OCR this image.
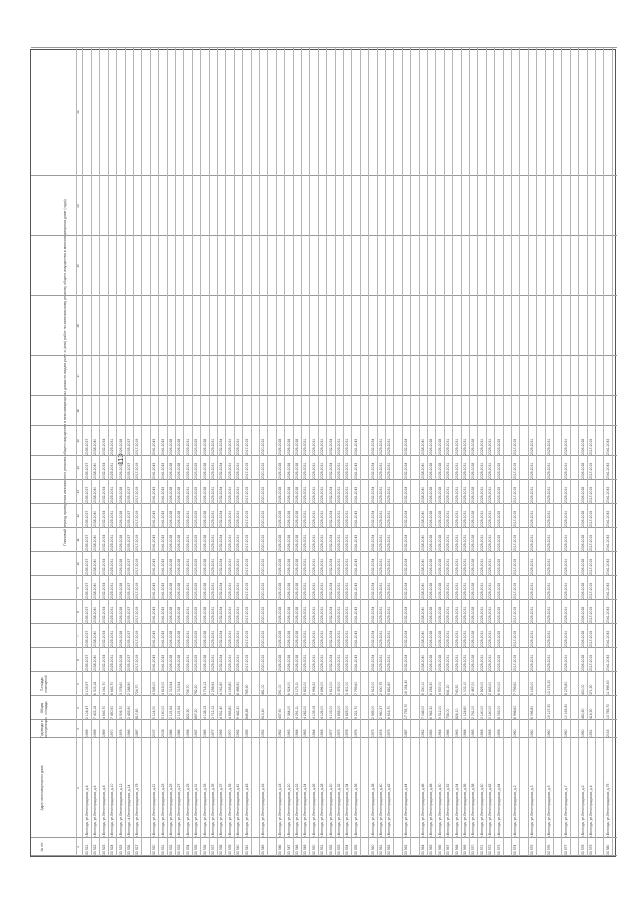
113
Плановый период проведения капитального ремонта общего имущества в многоквартирных домах по видам услуг и (или) работ по капитальному ремонту общего имущества в многоквартирном доме (годы)
№ п/п
Адрес многоквартирного дома
Год ввода в эксплуатацию
Общая площадь
Площадь помещений
1
2
3
4
5
6
7
8
9
10
11
12
13
14
15
16
17
18
19
20
21
33 521
г.Вологда, ул.Ленинградская, д.4
1969
2 104,47
3 105,97
2035-2037
2035-2037
2035-2037
2035-2037
2035-2037
2035-2037
2035-2037
2035-2037
2035-2037
2035-2037
33 522
г.Вологда, ул.Ленинградская, д.6
1969
7 402,18
6 303,18
2038-2040
2038-2040
2038-2040
2038-2040
2038-2040
2038-2040
2038-2040
2038-2040
2038-2040
2038-2040
33 523
г.Вологда, ул.Ленинградская, д.8
1969
4 643,70
4 041,70
2032-2034
2032-2034
2032-2034
2032-2034
2032-2034
2032-2034
2032-2034
2032-2034
2032-2034
2032-2034
33 524
г.Вологда, ул.Ленинградская, д.10
1970
7 450,50
6 643,70
2029-2031
2029-2031
2029-2031
2029-2031
2029-2031
2029-2031
2029-2031
2029-2031
2029-2031
2029-2031
33 525
г.Вологда, ул.Ленинградская, д.12
1976
3 506,70
3 078,60
2026-2028
2026-2028
2026-2028
2026-2028
2026-2028
2026-2028
2026-2028
2026-2028
2026-2028
2026-2028
33 526
г.Вологда, ul.Ленинградская, д.14
1966
2 435,90
2 088,90
2035-2037
2035-2037
2035-2037
2035-2037
2035-2037
2035-2037
2035-2037
2035-2037
2035-2037
2035-2037
33 527
г.Вологда, ул.Ленинградская, д.79
1987
817,80
724,70
2017-2019
2017-2019
2017-2019
2017-2019
2017-2019
2017-2019
2017-2019
2017-2019
2017-2019
2017-2019
33 530
г.Вологда, ул.Ленинградская, д.21
2007
5 114,00
4 545,00
2041-2043
2041-2043
2041-2043
2041-2043
2041-2043
2041-2043
2041-2043
2041-2043
2041-2043
2041-2043
33 531
г.Вологда, ул.Ленинградская, д.23
2008
5 160,00
4 619,00
2041-2043
2041-2043
2041-2043
2041-2043
2041-2043
2041-2043
2041-2043
2041-2043
2041-2043
2041-2043
33 532
г.Вологда, ул.Ленинградская, д.25
1986
2 115,54
2 015,54
2026-2028
2026-2028
2026-2028
2026-2028
2026-2028
2026-2028
2026-2028
2026-2028
2026-2028
2026-2028
33 533
г.Вологда, ул.Ленинградская, д.27
1986
2 115,54
2 015,54
2026-2028
2026-2028
2026-2028
2026-2028
2026-2028
2026-2028
2026-2028
2026-2028
2026-2028
2026-2028
33 534
г.Вологда, ул.Ленинградская, д.29
1994
822,90
736,70
2029-2031
2029-2031
2029-2031
2029-2031
2029-2031
2029-2031
2029-2031
2029-2031
2029-2031
2029-2031
33 535
г.Вологда, ул.Ленинградская, д.31
1947
867,20
782,20
2023-2025
2023-2025
2023-2025
2023-2025
2023-2025
2023-2025
2023-2025
2023-2025
2023-2025
2023-2025
33 536
г.Вологда, ул.Ленинградская, д.33
1985
4 138,15
3 718,12
2026-2028
2026-2028
2026-2028
2026-2028
2026-2028
2026-2028
2026-2028
2026-2028
2026-2028
2026-2028
33 537
г.Вологда, ул.Ленинградская, д.35
1977
3 712,12
2 258,92
2029-2031
2029-2031
2029-2031
2029-2031
2029-2031
2029-2031
2029-2031
2029-2031
2029-2031
2029-2031
33 538
г.Вологда, ул.Ленинградская, д.37
1969
4 531,40
4 061,80
2032-2034
2032-2034
2032-2034
2032-2034
2032-2034
2032-2034
2032-2034
2032-2034
2032-2034
2032-2034
33 539
г.Вологда, ул.Ленинградская, д.39
1970
4 665,80
4 165,80
2029-2031
2029-2031
2029-2031
2029-2031
2029-2031
2029-2031
2029-2031
2029-2031
2029-2031
2029-2031
33 540
г.Вологда, ул.Ленинградская, д.41
1992
9 442,30
8 498,50
2029-2031
2029-2031
2029-2031
2029-2031
2029-2031
2029-2031
2029-2031
2029-2031
2029-2031
2029-2031
33 541
г.Вологда, ул.Ленинградская, д.43
1955
845,85
785,90
2017-2019
2017-2019
2017-2019
2017-2019
2017-2019
2017-2019
2017-2019
2017-2019
2017-2019
2017-2019
33 545
г.Вологда, ул.Ленинградская, д.16
1952
613,40
481,00
2020-2022
2020-2022
2020-2022
2020-2022
2020-2022
2020-2022
2020-2022
2020-2022
2020-2022
2020-2022
33 546
г.Вологда, ул.Ленинградская, д.18
1962
437,90
391,00
2026-2028
2026-2028
2026-2028
2026-2028
2026-2028
2026-2028
2026-2028
2026-2028
2026-2028
2026-2028
33 547
г.Вологда, ул.Ленинградская, д.20
1963
7 364,00
6 524,00
2026-2028
2026-2028
2026-2028
2026-2028
2026-2028
2026-2028
2026-2028
2026-2028
2026-2028
2026-2028
33 548
г.Вологда, ул.Ленинградская, д.22
1964
4 291,11
3 173,11
2026-2028
2026-2028
2026-2028
2026-2028
2026-2028
2026-2028
2026-2028
2026-2028
2026-2028
2026-2028
33 549
г.Вологда, ул.Ленинградская, д.24
1963
4 262,00
3 822,00
2029-2031
2029-2031
2029-2031
2029-2031
2029-2031
2029-2031
2029-2031
2029-2031
2029-2031
2029-2031
33 550
г.Вологда, ул.Ленинградская, д.26
1964
4 139,15
3 994,20
2029-2031
2029-2031
2029-2031
2029-2031
2029-2031
2029-2031
2029-2031
2029-2031
2029-2031
2029-2031
33 551
г.Вологда, ул.Ленинградская, д.28
1969
4 126,00
3 696,00
2029-2031
2029-2031
2029-2031
2029-2031
2029-2031
2029-2031
2029-2031
2029-2031
2029-2031
2029-2031
33 552
г.Вологда, ул.Ленинградская, д.30
1977
4 103,00
3 612,00
2032-2034
2032-2034
2032-2034
2032-2034
2032-2034
2032-2034
2032-2034
2032-2034
2032-2034
2032-2034
33 553
г.Вологда, ул.Ленинградская, д.32
1975
3 858,00
3 476,00
2029-2031
2029-2031
2029-2031
2029-2031
2029-2031
2029-2031
2029-2031
2029-2031
2029-2031
2029-2031
33 554
г.Вологда, ул.Ленинградская, д.34
1978
3 825,00
3 401,00
2029-2031
2029-2031
2029-2031
2029-2031
2029-2031
2029-2031
2029-2031
2029-2031
2029-2031
2029-2031
33 555
г.Вологда, ул.Ленинградская, д.36
1976
9 221,70
7 799,60
2041-2043
2041-2043
2041-2043
2041-2043
2041-2043
2041-2043
2041-2043
2041-2043
2041-2043
2041-2043
33 560
г.Вологда, ул.Ленинградская, д.38
1973
2 945,00
2 613,00
2032-2034
2032-2034
2032-2034
2032-2034
2032-2034
2032-2034
2032-2034
2032-2034
2032-2034
2032-2034
33 561
г.Вологда, ул.Ленинградская, д.40
1974
2 960,37
2 630,75
2029-2031
2029-2031
2029-2031
2029-2031
2029-2031
2029-2031
2029-2031
2029-2031
2029-2031
2029-2031
33 562
г.Вологда, ул.Ленинградская, д.42
1975
6 616,70
5 881,80
2029-2031
2029-2031
2029-2031
2029-2031
2029-2031
2029-2031
2029-2031
2029-2031
2029-2031
2029-2031
33 563
г.Вологда, ул.Ленинградская, д.44
1987
17 755,70
16 054,40
2032-2034
2032-2034
2032-2034
2032-2034
2032-2034
2032-2034
2032-2034
2032-2034
2032-2034
2032-2034
33 564
г.Вологда, ул.Ленинградская, д.46
1962
7 048,00
6 330,10
2038-2040
2038-2040
2038-2040
2038-2040
2038-2040
2038-2040
2038-2040
2038-2040
2038-2040
2038-2040
33 565
г.Вологда, ул.Ленинградская, д.48
1963
6 962,30
6 254,30
2026-2028
2026-2028
2026-2028
2026-2028
2026-2028
2026-2028
2026-2028
2026-2028
2026-2028
2026-2028
33 566
г.Вологда, ул.Ленинградская, д.50
1964
5 512,00
4 937,00
2026-2028
2026-2028
2026-2028
2026-2028
2026-2028
2026-2028
2026-2028
2026-2028
2026-2028
2026-2028
33 567
г.Вологда, ул.Ленинградская, д.52
1966
736,00
641,20
2029-2031
2029-2031
2029-2031
2029-2031
2029-2031
2029-2031
2029-2031
2029-2031
2029-2031
2029-2031
33 568
г.Вологда, ул.Ленинградская, д.54
1963
826,10
743,50
2029-2031
2029-2031
2029-2031
2029-2031
2029-2031
2029-2031
2029-2031
2029-2031
2029-2031
2029-2031
33 569
г.Вологда, ул.Ленинградская, д.56
1964
1 124,60
1 002,10
2029-2031
2029-2031
2029-2031
2029-2031
2029-2031
2029-2031
2029-2031
2029-2031
2029-2031
2029-2031
33 570
г.Вологда, ул.Ленинградская, д.58
1965
2 741,00
2 467,00
2026-2028
2026-2028
2026-2028
2026-2028
2026-2028
2026-2028
2026-2028
2026-2028
2026-2028
2026-2028
33 571
г.Вологда, ул.Ленинградская, д.60
1969
3 140,00
2 829,00
2029-2031
2029-2031
2029-2031
2029-2031
2029-2031
2029-2031
2029-2031
2029-2031
2029-2031
2029-2031
33 572
г.Вологда, ул.Ленинградская, д.62
1969
3 160,00
2 843,00
2029-2031
2029-2031
2029-2031
2029-2031
2029-2031
2029-2031
2029-2031
2029-2031
2029-2031
2029-2031
33 573
г.Вологда, ул.Ленинградская, д.64
1959
8 053,00
6 900,00
2023-2025
2023-2025
2023-2025
2023-2025
2023-2025
2023-2025
2023-2025
2023-2025
2023-2025
2023-2025
33 574
г.Вологда, ул.Ленинградская, д.2
1960
8 998,60
7 799,60
2017-2019
2017-2019
2017-2019
2017-2019
2017-2019
2017-2019
2017-2019
2017-2019
2017-2019
2017-2019
33 575
г.Вологда, ул.Ленинградская, д.3
1960
6 096,80
5 163,00
2029-2031
2029-2031
2029-2031
2029-2031
2029-2031
2029-2031
2029-2031
2029-2031
2029-2031
2029-2031
33 576
г.Вологда, ул.Ленинградская, д.5
1960
15 127,30
13 173,20
2029-2031
2029-2031
2029-2031
2029-2031
2029-2031
2029-2031
2029-2031
2029-2031
2029-2031
2029-2031
33 577
г.Вологда, ул.Ленинградская, д.7
1960
10 163,90
8 275,80
2029-2031
2029-2031
2029-2031
2029-2031
2029-2031
2029-2031
2029-2031
2029-2031
2029-2031
2029-2031
33 578
г.Вологда, ул.Ленинградская, д.2
1960
480,80
430,00
2026-2028
2026-2028
2026-2028
2026-2028
2026-2028
2026-2028
2026-2028
2026-2028
2026-2028
2026-2028
33 579
г.Вологда, ул.Ленинградская, д.4
1951
416,90
371,90
2017-2019
2017-2019
2017-2019
2017-2019
2017-2019
2017-2019
2017-2019
2017-2019
2017-2019
2017-2019
33 580
г.Вологда, ул.Ленинградская, д.75
2016
13 783,70
11 996,60
2041-2043
2041-2043
2041-2043
2041-2043
2041-2043
2041-2043
2041-2043
2041-2043
2041-2043
2041-2043
